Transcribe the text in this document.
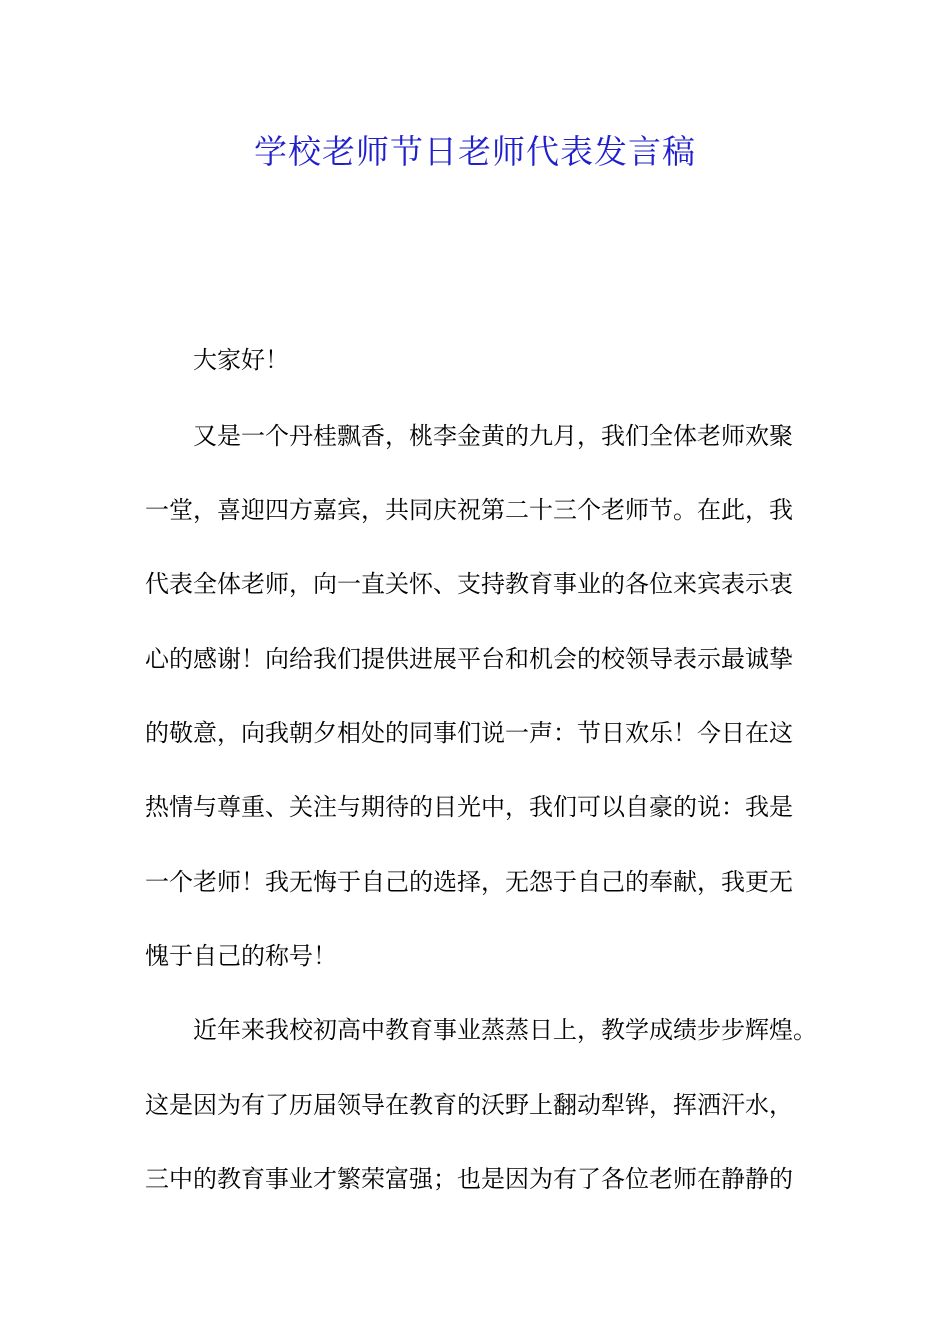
学校老师节日老师代表发言稿
大家好！
又是一个丹桂飘香，桃李金黄的九月，我们全体老师欢聚
一堂，喜迎四方嘉宾，共同庆祝第二十三个老师节。在此，我
代表全体老师，向一直关怀、支持教育事业的各位来宾表示衷
心的感谢！向给我们提供进展平台和机会的校领导表示最诚挚
的敬意，向我朝夕相处的同事们说一声：节日欢乐！今日在这
热情与尊重、关注与期待的目光中，我们可以自豪的说：我是
一个老师！我无悔于自己的选择，无怨于自己的奉献，我更无
愧于自己的称号！
近年来我校初高中教育事业蒸蒸日上，教学成绩步步辉煌。
这是因为有了历届领导在教育的沃野上翻动犁铧，挥洒汗水，
三中的教育事业才繁荣富强；也是因为有了各位老师在静静的
